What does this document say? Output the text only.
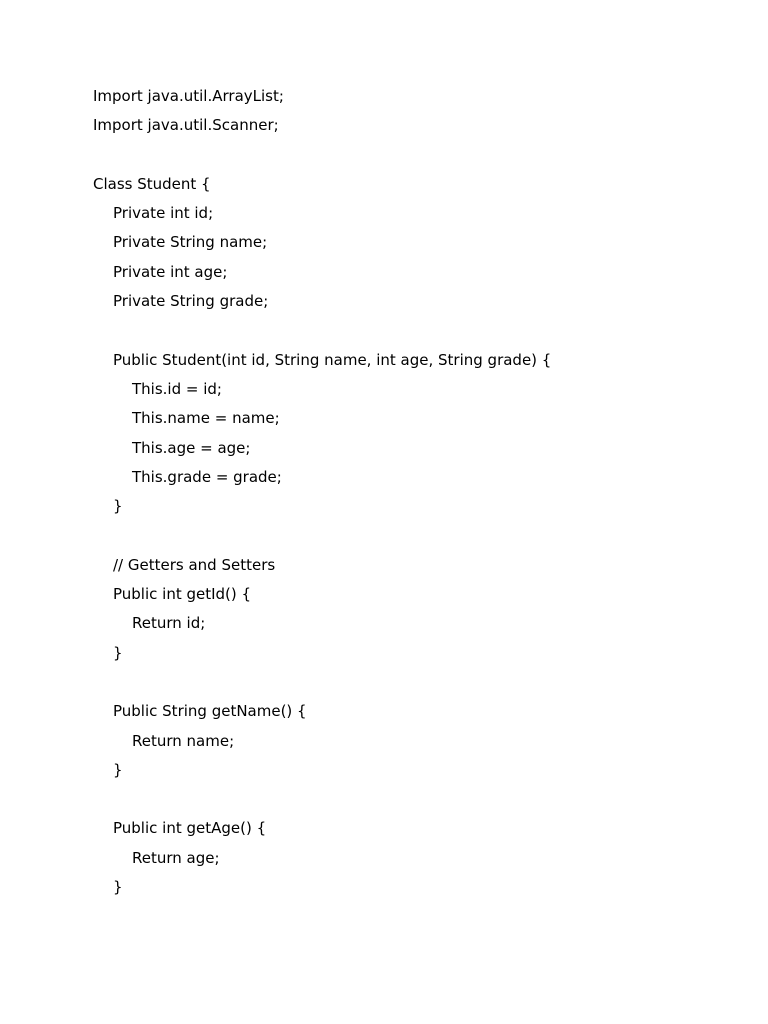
Import java.util.ArrayList;
Import java.util.Scanner;
Class Student {
Private int id;
Private String name;
Private int age;
Private String grade;
Public Student(int id, String name, int age, String grade) {
This.id = id;
This.name = name;
This.age = age;
This.grade = grade;
}
// Getters and Setters
Public int getId() {
Return id;
}
Public String getName() {
Return name;
}
Public int getAge() {
Return age;
}
